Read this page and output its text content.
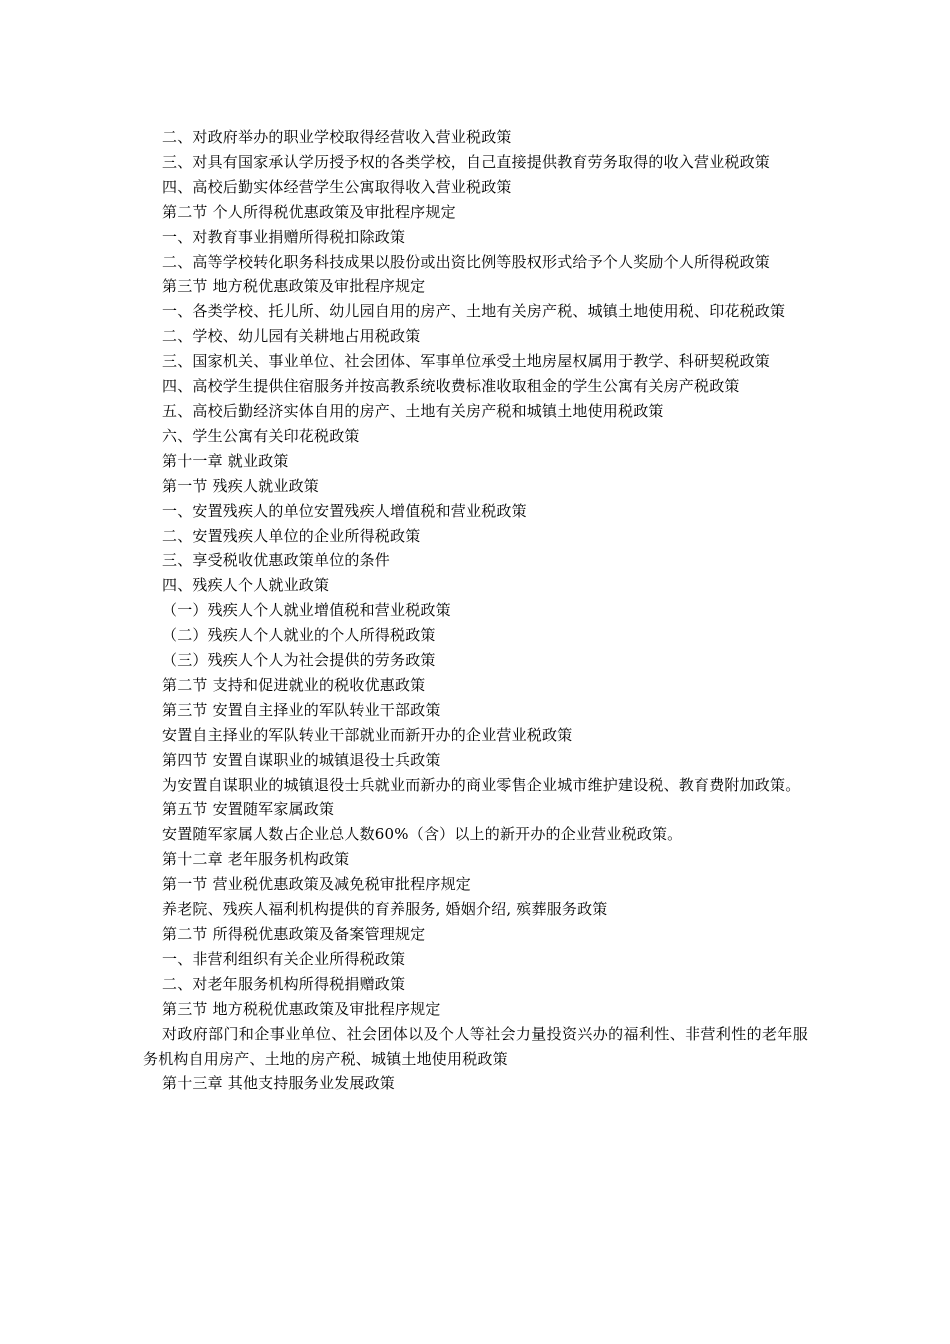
二、对政府举办的职业学校取得经营收入营业税政策

三、对具有国家承认学历授予权的各类学校，自己直接提供教育劳务取得的收入营业税政策

四、高校后勤实体经营学生公寓取得收入营业税政策

第二节 个人所得税优惠政策及审批程序规定

一、对教育事业捐赠所得税扣除政策

二、高等学校转化职务科技成果以股份或出资比例等股权形式给予个人奖励个人所得税政策

第三节 地方税优惠政策及审批程序规定

一、各类学校、托儿所、幼儿园自用的房产、土地有关房产税、城镇土地使用税、印花税政策

二、学校、幼儿园有关耕地占用税政策

三、国家机关、事业单位、社会团体、军事单位承受土地房屋权属用于教学、科研契税政策

四、高校学生提供住宿服务并按高教系统收费标准收取租金的学生公寓有关房产税政策

五、高校后勤经济实体自用的房产、土地有关房产税和城镇土地使用税政策

六、学生公寓有关印花税政策

第十一章 就业政策

第一节 残疾人就业政策

一、安置残疾人的单位安置残疾人增值税和营业税政策

二、安置残疾人单位的企业所得税政策

三、享受税收优惠政策单位的条件

四、残疾人个人就业政策

（一）残疾人个人就业增值税和营业税政策

（二）残疾人个人就业的个人所得税政策

（三）残疾人个人为社会提供的劳务政策

第二节 支持和促进就业的税收优惠政策

第三节 安置自主择业的军队转业干部政策

安置自主择业的军队转业干部就业而新开办的企业营业税政策

第四节 安置自谋职业的城镇退役士兵政策

为安置自谋职业的城镇退役士兵就业而新办的商业零售企业城市维护建设税、教育费附加政策。

第五节 安置随军家属政策

安置随军家属人数占企业总人数60%（含）以上的新开办的企业营业税政策。

第十二章 老年服务机构政策

第一节 营业税优惠政策及减免税审批程序规定

养老院、残疾人福利机构提供的育养服务, 婚姻介绍, 殡葬服务政策

第二节 所得税优惠政策及备案管理规定

一、非营利组织有关企业所得税政策

二、对老年服务机构所得税捐赠政策

第三节 地方税税优惠政策及审批程序规定

对政府部门和企事业单位、社会团体以及个人等社会力量投资兴办的福利性、非营利性的老年服务机构自用房产、土地的房产税、城镇土地使用税政策

第十三章 其他支持服务业发展政策
